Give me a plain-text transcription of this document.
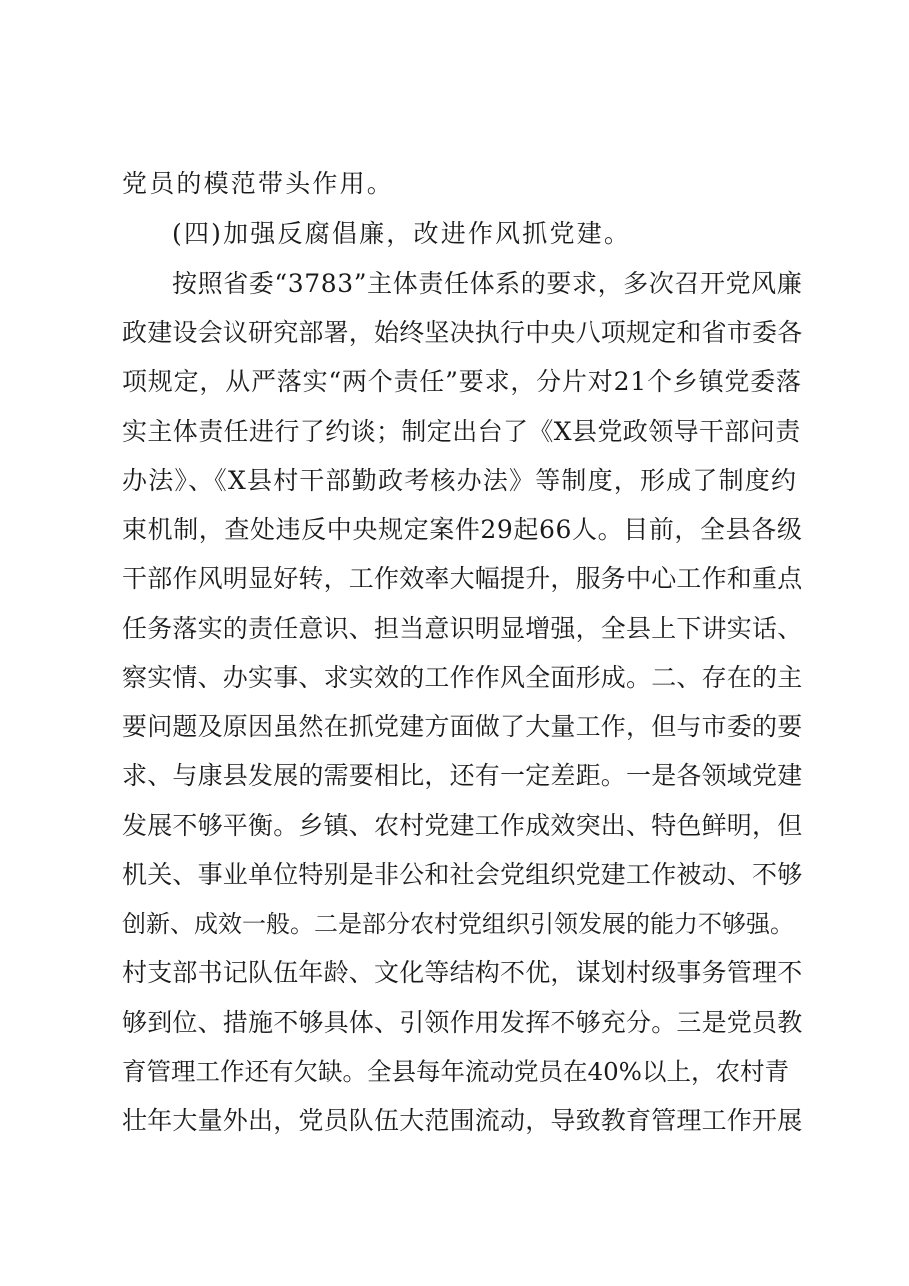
党员的模范带头作用。

(四)加强反腐倡廉，改进作风抓党建。

按照省委“3783”主体责任体系的要求，多次召开党风廉

政建设会议研究部署，始终坚决执行中央八项规定和省市委各

项规定，从严落实“两个责任”要求，分片对21个乡镇党委落

实主体责任进行了约谈；制定出台了《X县党政领导干部问责

办法》、《X县村干部勤政考核办法》等制度，形成了制度约

束机制，查处违反中央规定案件29起66人。目前，全县各级

干部作风明显好转，工作效率大幅提升，服务中心工作和重点

任务落实的责任意识、担当意识明显增强，全县上下讲实话、

察实情、办实事、求实效的工作作风全面形成。二、存在的主

要问题及原因虽然在抓党建方面做了大量工作，但与市委的要

求、与康县发展的需要相比，还有一定差距。一是各领域党建

发展不够平衡。乡镇、农村党建工作成效突出、特色鲜明，但

机关、事业单位特别是非公和社会党组织党建工作被动、不够

创新、成效一般。二是部分农村党组织引领发展的能力不够强。

村支部书记队伍年龄、文化等结构不优，谋划村级事务管理不

够到位、措施不够具体、引领作用发挥不够充分。三是党员教

育管理工作还有欠缺。全县每年流动党员在40%以上，农村青

壮年大量外出，党员队伍大范围流动，导致教育管理工作开展
